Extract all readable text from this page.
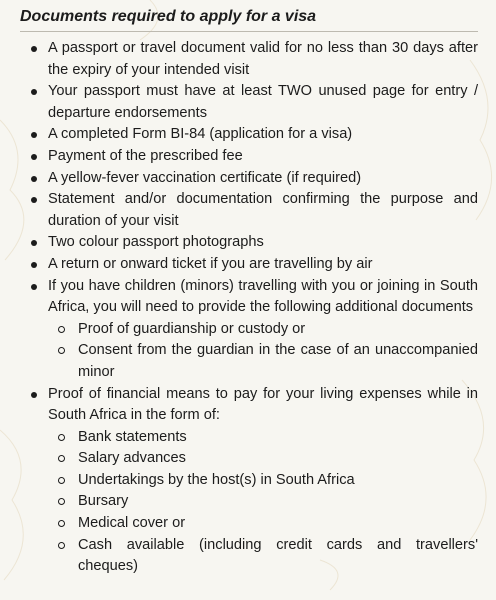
Documents required to apply for a visa
A passport or travel document valid for no less than 30 days after the expiry of your intended visit
Your passport must have at least TWO unused page for entry / departure endorsements
A completed Form BI-84 (application for a visa)
Payment of the prescribed fee
A yellow-fever vaccination certificate (if required)
Statement and/or documentation confirming the purpose and duration of your visit
Two colour passport photographs
A return or onward ticket if you are travelling by air
If you have children (minors) travelling with you or joining in South Africa, you will need to provide the following additional documents
Proof of guardianship or custody or
Consent from the guardian in the case of an unaccompanied minor
Proof of financial means to pay for your living expenses while in South Africa in the form of:
Bank statements
Salary advances
Undertakings by the host(s) in South Africa
Bursary
Medical cover or
Cash available (including credit cards and travellers' cheques)
